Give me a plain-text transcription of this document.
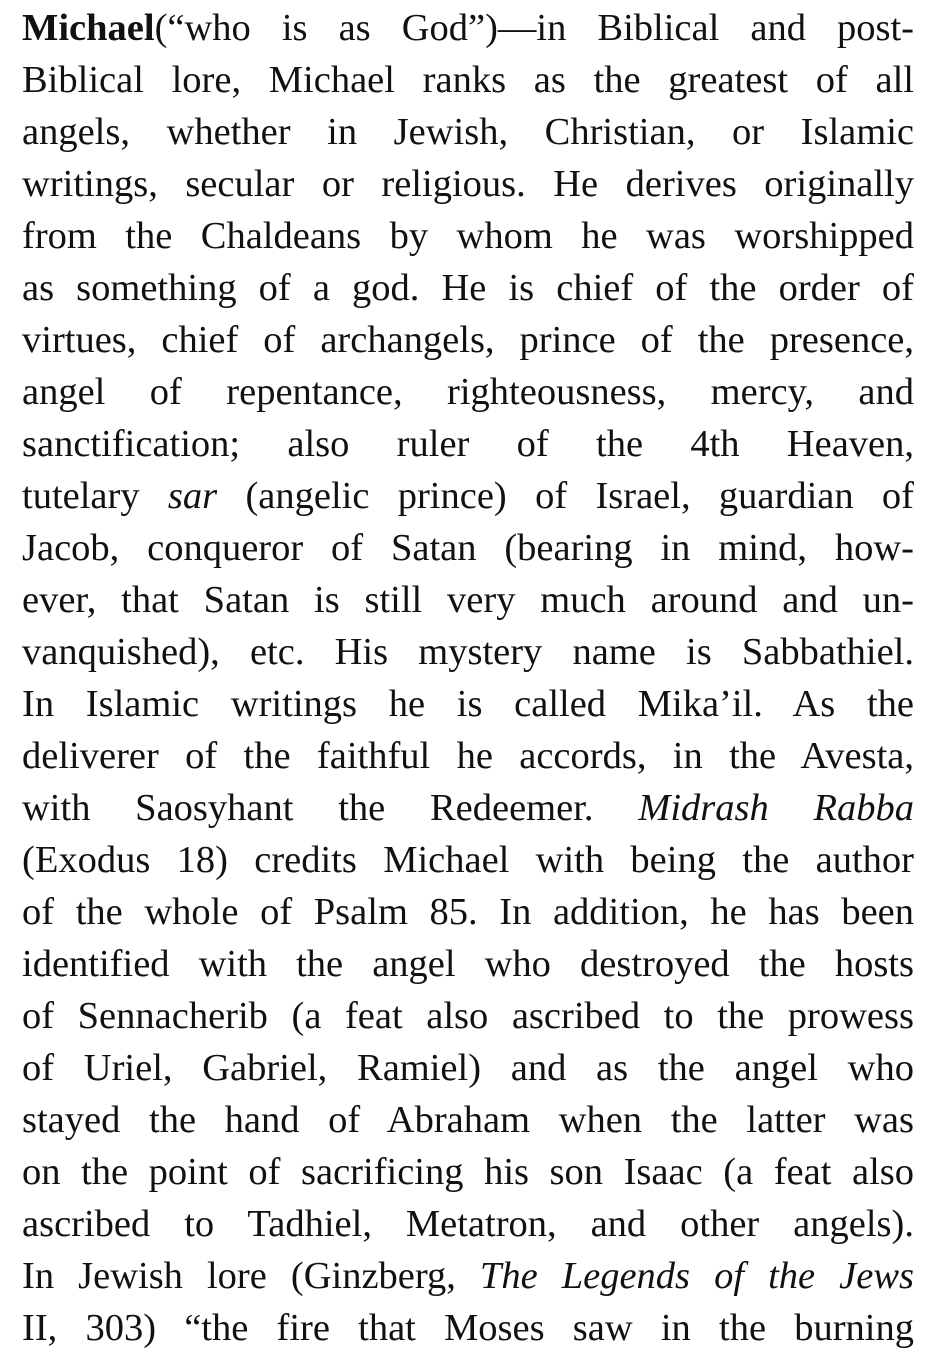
Michael(“who is as God”)—in Biblical and post-
Biblical lore, Michael ranks as the greatest of all
angels, whether in Jewish, Christian, or Islamic
writings, secular or religious. He derives originally
from the Chaldeans by whom he was worshipped
as something of a god. He is chief of the order of
virtues, chief of archangels, prince of the presence,
angel of repentance, righteousness, mercy, and
sanctification; also ruler of the 4th Heaven,
tutelary sar (angelic prince) of Israel, guardian of
Jacob, conqueror of Satan (bearing in mind, how-
ever, that Satan is still very much around and un-
vanquished), etc. His mystery name is Sabbathiel.
In Islamic writings he is called Mika’il. As the
deliverer of the faithful he accords, in the Avesta,
with Saosyhant the Redeemer. Midrash Rabba
(Exodus 18) credits Michael with being the author
of the whole of Psalm 85. In addition, he has been
identified with the angel who destroyed the hosts
of Sennacherib (a feat also ascribed to the prowess
of Uriel, Gabriel, Ramiel) and as the angel who
stayed the hand of Abraham when the latter was
on the point of sacrificing his son Isaac (a feat also
ascribed to Tadhiel, Metatron, and other angels).
In Jewish lore (Ginzberg, The Legends of the Jews
II, 303) “the fire that Moses saw in the burning
